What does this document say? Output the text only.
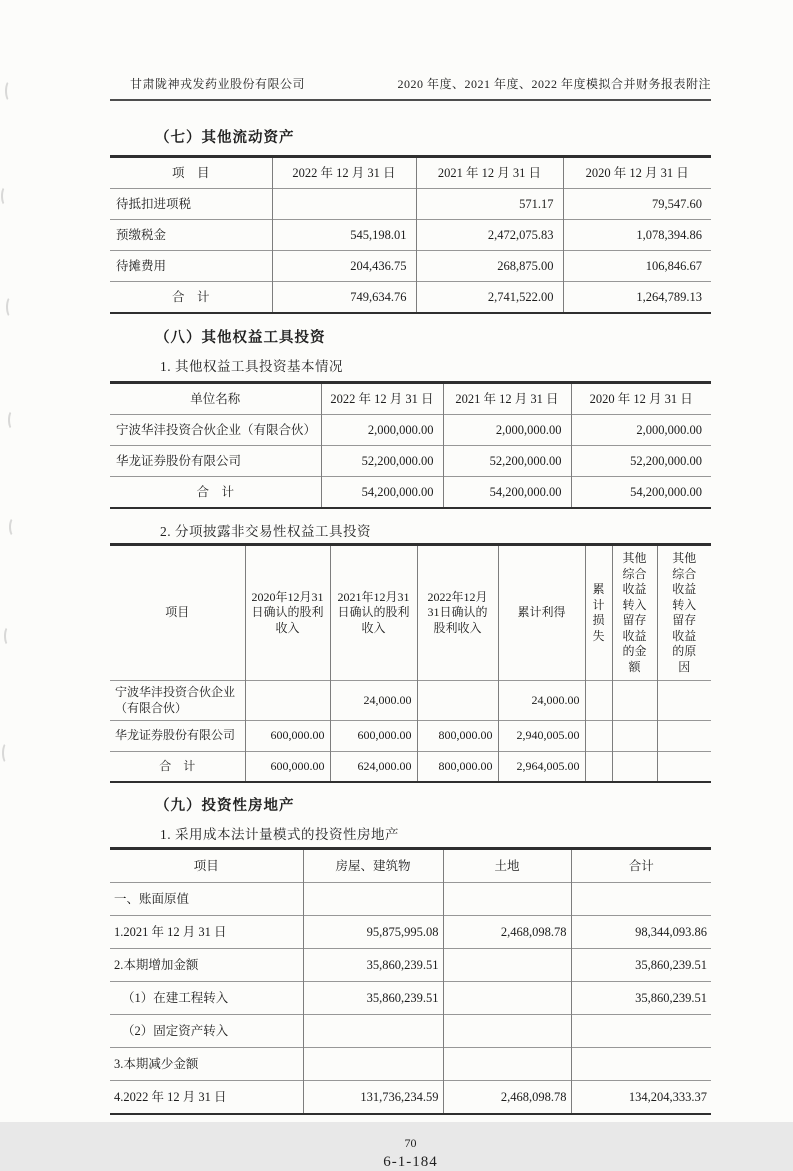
甘肃陇神戎发药业股份有限公司	2020 年度、2021 年度、2022 年度模拟合并财务报表附注
（七）其他流动资产
项　目	2022 年 12 月 31 日	2021 年 12 月 31 日	2020 年 12 月 31 日
待抵扣进项税		571.17	79,547.60
预缴税金	545,198.01	2,472,075.83	1,078,394.86
待摊费用	204,436.75	268,875.00	106,846.67
合　计	749,634.76	2,741,522.00	1,264,789.13
（八）其他权益工具投资
1. 其他权益工具投资基本情况
单位名称	2022 年 12 月 31 日	2021 年 12 月 31 日	2020 年 12 月 31 日
宁波华沣投资合伙企业（有限合伙）	2,000,000.00	2,000,000.00	2,000,000.00
华龙证券股份有限公司	52,200,000.00	52,200,000.00	52,200,000.00
合　计	54,200,000.00	54,200,000.00	54,200,000.00
2. 分项披露非交易性权益工具投资
项目	2020年12月31日确认的股利收入	2021年12月31日确认的股利收入	2022年12月31日确认的股利收入	累计利得	累计损失	其他综合收益转入留存收益的金额	其他综合收益转入留存收益的原因
宁波华沣投资合伙企业（有限合伙）		24,000.00		24,000.00			
华龙证券股份有限公司	600,000.00	600,000.00	800,000.00	2,940,005.00			
合　计	600,000.00	624,000.00	800,000.00	2,964,005.00			
（九）投资性房地产
1. 采用成本法计量模式的投资性房地产
项目	房屋、建筑物	土地	合计
一、账面原值			
1.2021 年 12 月 31 日	95,875,995.08	2,468,098.78	98,344,093.86
2.本期增加金额	35,860,239.51		35,860,239.51
（1）在建工程转入	35,860,239.51		35,860,239.51
（2）固定资产转入			
3.本期减少金额			
4.2022 年 12 月 31 日	131,736,234.59	2,468,098.78	134,204,333.37
70
6-1-184
